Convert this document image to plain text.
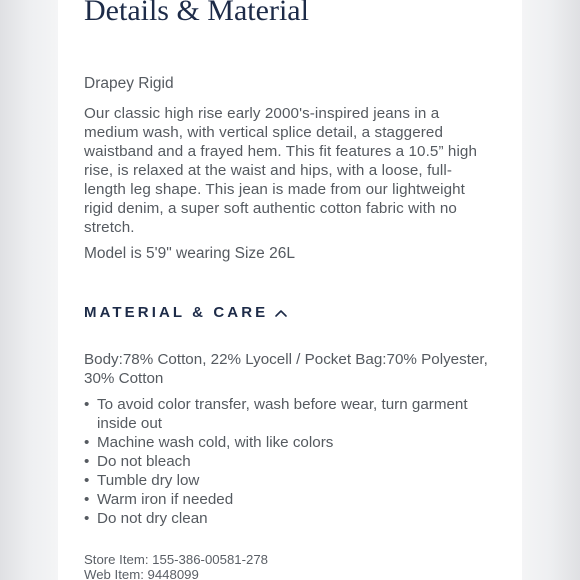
Details & Material
Drapey Rigid

Our classic high rise early 2000's-inspired jeans in a medium wash, with vertical splice detail, a staggered waistband and a frayed hem. This fit features a 10.5” high rise, is relaxed at the waist and hips, with a loose, full-length leg shape. This jean is made from our lightweight rigid denim, a super soft authentic cotton fabric with no stretch.

Model is 5'9" wearing Size 26L
MATERIAL & CARE

Body:78% Cotton, 22% Lyocell / Pocket Bag:70% Polyester, 30% Cotton

• To avoid color transfer, wash before wear, turn garment inside out
• Machine wash cold, with like colors
• Do not bleach
• Tumble dry low
• Warm iron if needed
• Do not dry clean
Store Item: 155-386-00581-278
Web Item: 9448099
